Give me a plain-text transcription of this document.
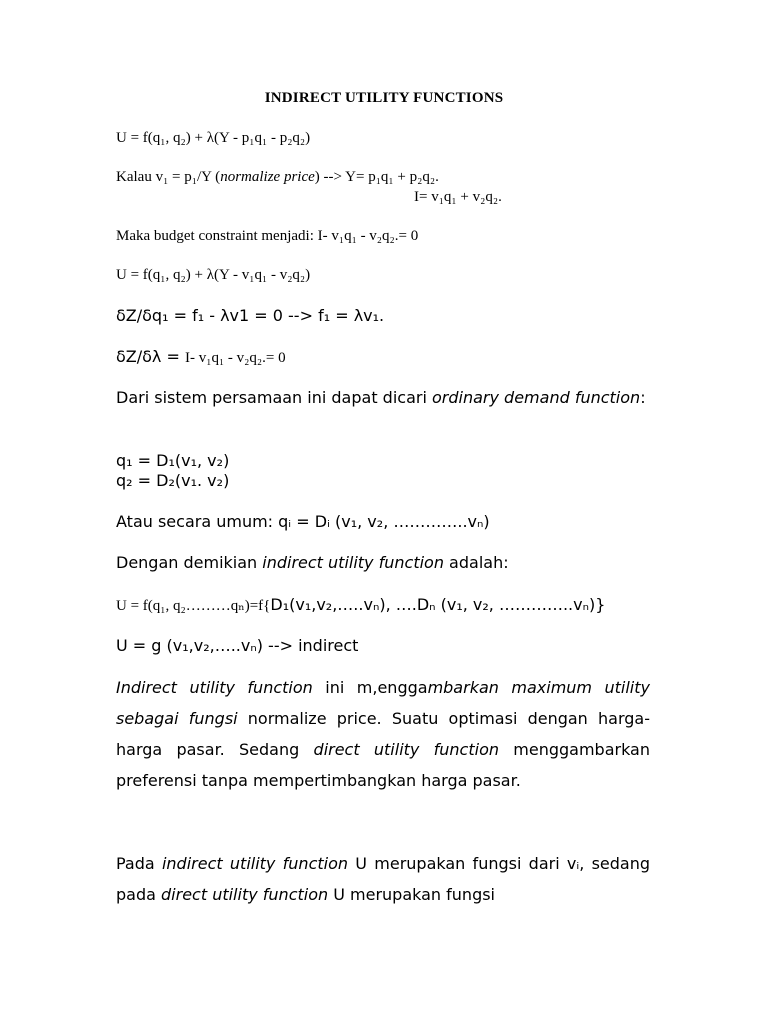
INDIRECT UTILITY FUNCTIONS
U = f(q₁, q₂) + λ(Y - p₁q₁ - p₂q₂)
Kalau v₁ = p₁/Y (normalize price) --> Y= p₁q₁ + p₂q₂.
I= v₁q₁ + v₂q₂.
Maka budget constraint menjadi: I- v₁q₁ - v₂q₂.= 0
U = f(q₁, q₂) + λ(Y - v₁q₁ - v₂q₂)
δZ/δq₁ = f₁ - λv1 = 0 --> f₁ = λv₁.
δZ/δλ = I- v₁q₁ - v₂q₂.= 0
Dari sistem persamaan ini dapat dicari ordinary demand function:
q₁ = D₁(v₁, v₂)
q₂ = D₂(v₁. v₂)
Atau secara umum: qᵢ = Dᵢ (v₁, v₂, …………..vₙ)
Dengan demikian indirect utility function adalah:
U = f(q₁, q₂………qₙ)=f{D₁(v₁,v₂,…..vₙ), ….Dₙ (v₁, v₂, …………..vₙ)}
U = g (v₁,v₂,…..vₙ) --> indirect
Indirect utility function ini m,enggambarkan maximum utility sebagai fungsi normalize price. Suatu optimasi dengan harga-harga pasar. Sedang direct utility function menggambarkan preferensi tanpa mempertimbangkan harga pasar.
Pada indirect utility function U merupakan fungsi dari vᵢ, sedang pada direct utility function U merupakan fungsi
